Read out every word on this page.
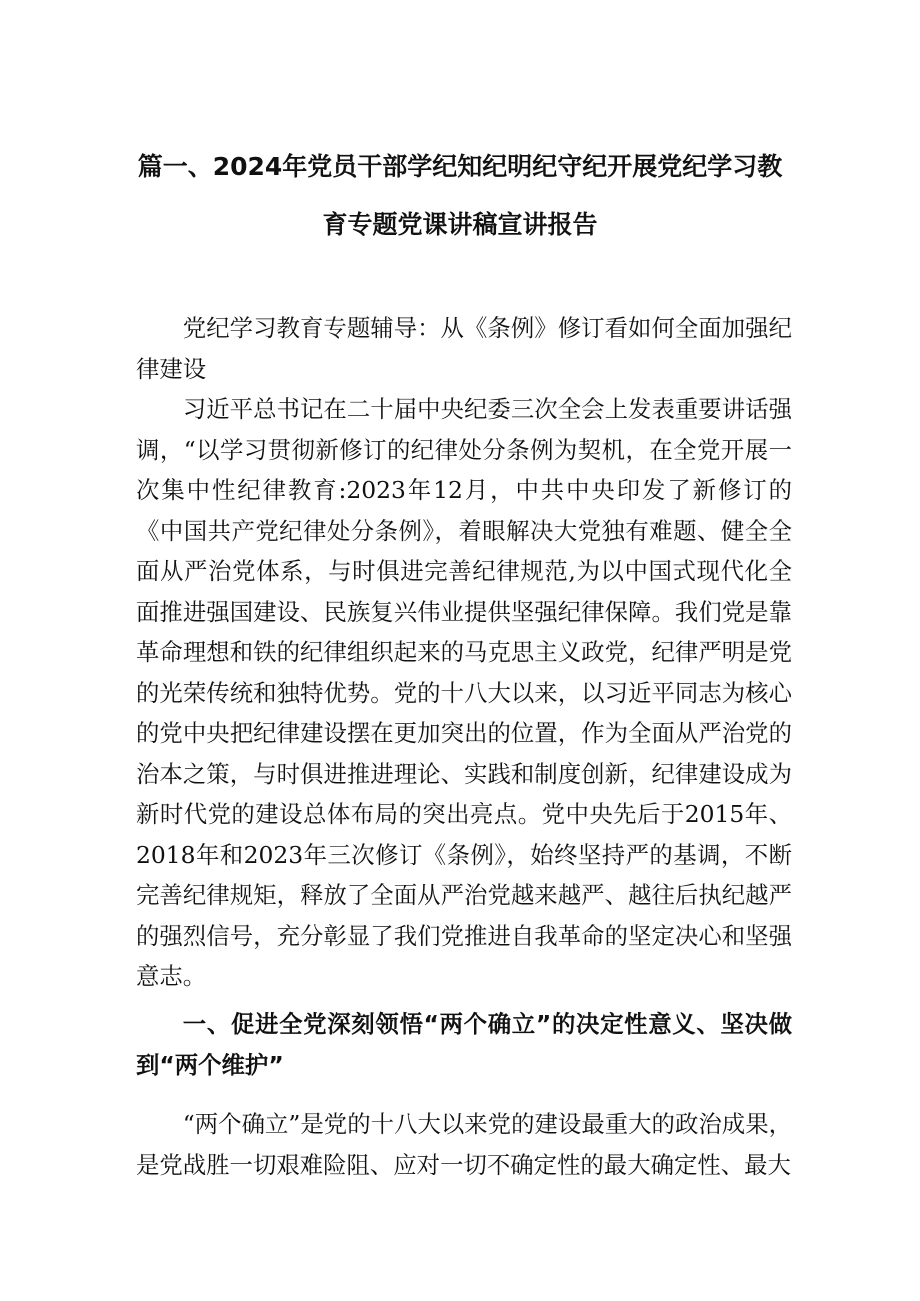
篇一、2024年党员干部学纪知纪明纪守纪开展党纪学习教
育专题党课讲稿宣讲报告

党纪学习教育专题辅导：从《条例》修订看如何全面加强纪律建设

习近平总书记在二十届中央纪委三次全会上发表重要讲话强调，“以学习贯彻新修订的纪律处分条例为契机，在全党开展一次集中性纪律教育:2023年12月，中共中央印发了新修订的《中国共产党纪律处分条例》，着眼解决大党独有难题、健全全面从严治党体系，与时俱进完善纪律规范,为以中国式现代化全面推进强国建设、民族复兴伟业提供坚强纪律保障。我们党是靠革命理想和铁的纪律组织起来的马克思主义政党，纪律严明是党的光荣传统和独特优势。党的十八大以来，以习近平同志为核心的党中央把纪律建设摆在更加突出的位置，作为全面从严治党的治本之策，与时俱进推进理论、实践和制度创新，纪律建设成为新时代党的建设总体布局的突出亮点。党中央先后于2015年、2018年和2023年三次修订《条例》，始终坚持严的基调，不断完善纪律规矩，释放了全面从严治党越来越严、越往后执纪越严的强烈信号，充分彰显了我们党推进自我革命的坚定决心和坚强意志。

一、促进全党深刻领悟“两个确立”的决定性意义、坚决做到“两个维护”

“两个确立”是党的十八大以来党的建设最重大的政治成果，是党战胜一切艰难险阻、应对一切不确定性的最大确定性、最大
